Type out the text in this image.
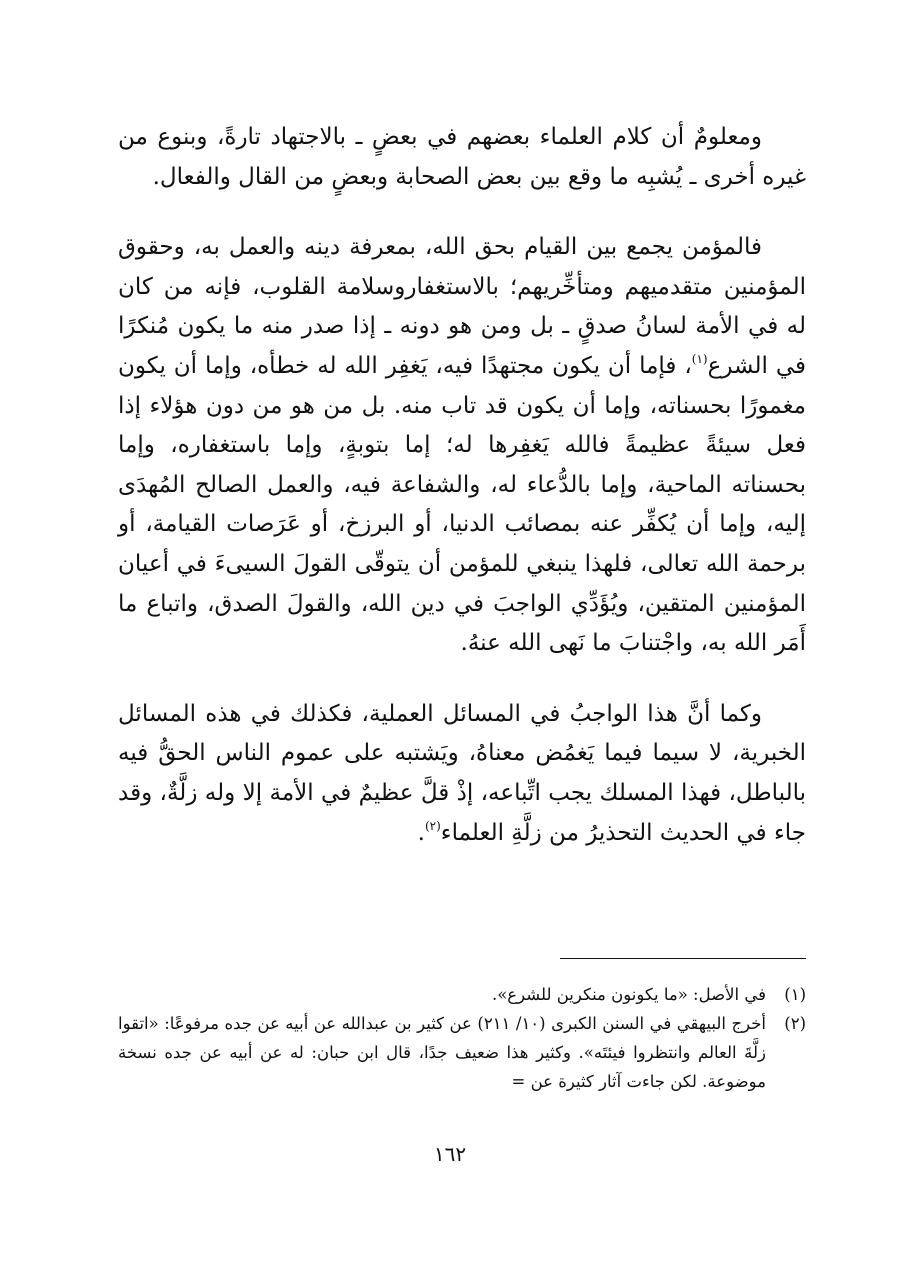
ومعلومٌ أن كلام العلماء بعضهم في بعضٍ ـ بالاجتهاد تارةً، وبنوع من غيره أخرى ـ يُشبِه ما وقع بين بعض الصحابة وبعضٍ من القال والفعال.

فالمؤمن يجمع بين القيام بحق الله، بمعرفة دينه والعمل به، وحقوق المؤمنين متقدميهم ومتأخِّريهم؛ بالاستغفاروسلامة القلوب، فإنه من كان له في الأمة لسانُ صدقٍ ـ بل ومن هو دونه ـ إذا صدر منه ما يكون مُنكرًا في الشرع$^{(١)}$، فإما أن يكون مجتهدًا فيه، يَغفِر الله له خطأه، وإما أن يكون مغمورًا بحسناته، وإما أن يكون قد تاب منه. بل من هو من دون هؤلاء إذا فعل سيئةً عظيمةً فالله يَغفِرها له؛ إما بتوبةٍ، وإما باستغفاره، وإما بحسناته الماحية، وإما بالدُّعاء له، والشفاعة فيه، والعمل الصالح المُهدَى إليه، وإما أن يُكفِّر عنه بمصائب الدنيا، أو البرزخ، أو عَرَصات القيامة، أو برحمة الله تعالى، فلهذا ينبغي للمؤمن أن يتوقّى القولَ السيىءَ في أعيان المؤمنين المتقين، ويُؤَدِّي الواجبَ في دين الله، والقولَ الصدق، واتباع ما أَمَر الله به، واجْتنابَ ما نَهى الله عنهُ.

وكما أنَّ هذا الواجبُ في المسائل العملية، فكذلك في هذه المسائل الخبرية، لا سيما فيما يَغمُض معناهُ، ويَشتبه على عموم الناس الحقُّ فيه بالباطل، فهذا المسلك يجب اتِّباعه، إذْ قلَّ عظيمٌ في الأمة إلا وله زلَّةٌ، وقد جاء في الحديث التحذيرُ من زلَّةِ العلماء$^{(٢)}$.

(١)
في الأصل: «ما يكونون منكرين للشرع».
(٢)
أخرج البيهقي في السنن الكبرى (١٠/ ٢١١) عن كثير بن عبدالله عن أبيه عن جده مرفوعًا: «اتقوا زلَّةَ العالم وانتظروا فيئتَه». وكثير هذا ضعيف جدًا، قال ابن حبان: له عن أبيه عن جده نسخة موضوعة. لكن جاءت آثار كثيرة عن =
١٦٢
